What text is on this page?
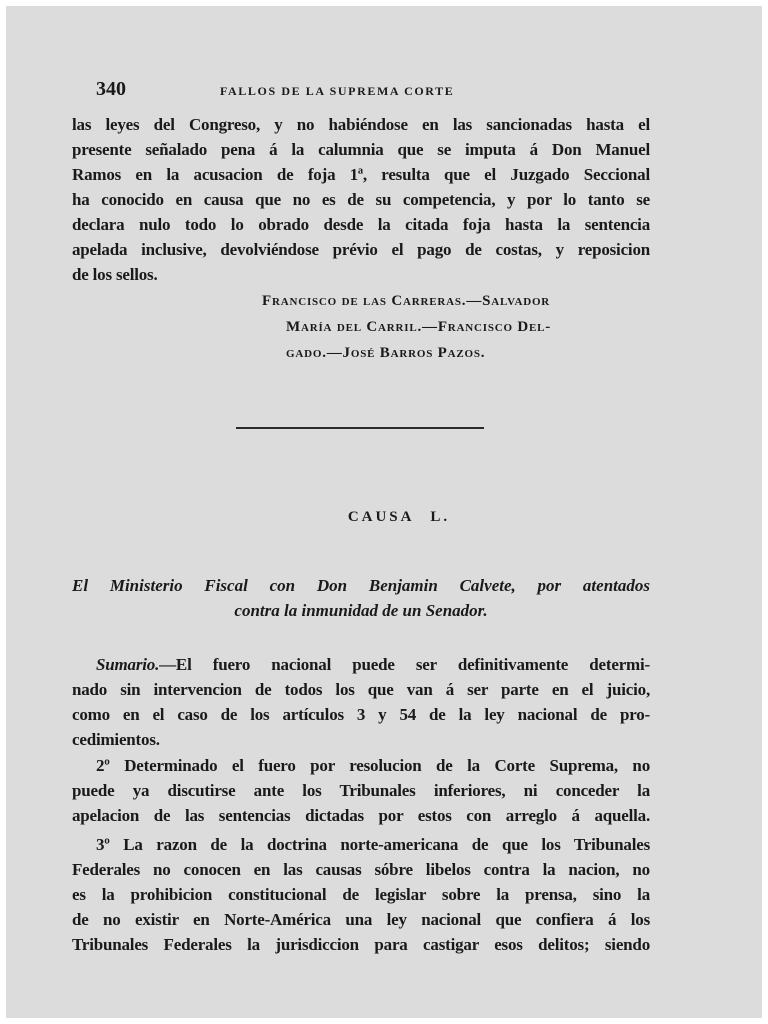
340	FALLOS DE LA SUPREMA CORTE

las leyes del Congreso, y no habiéndose en las sancionadas hasta el

presente señalado pena á la calumnia que se imputa á Don Manuel

Ramos en la acusacion de foja 1ª, resulta que el Juzgado Seccional

ha conocido en causa que no es de su competencia, y por lo tanto se

declara nulo todo lo obrado desde la citada foja hasta la sentencia

apelada inclusive, devolviéndose prévio el pago de costas, y reposicion

de los sellos.

Francisco de las Carreras.—Salvador
María del Carril.—Francisco Del-
gado.—José Barros Pazos.
CAUSA L.
El Ministerio Fiscal con Don Benjamin Calvete, por atentados
contra la inmunidad de un Senador.

Sumario.—El fuero nacional puede ser definitivamente determi-

nado sin intervencion de todos los que van á ser parte en el juicio,

como en el caso de los artículos 3 y 54 de la ley nacional de pro-

cedimientos.

2º Determinado el fuero por resolucion de la Corte Suprema, no

puede ya discutirse ante los Tribunales inferiores, ni conceder la

apelacion de las sentencias dictadas por estos con arreglo á aquella.

3º La razon de la doctrina norte-americana de que los Tribunales

Federales no conocen en las causas sóbre libelos contra la nacion, no

es la prohibicion constitucional de legislar sobre la prensa, sino la

de no existir en Norte-América una ley nacional que confiera á los

Tribunales Federales la jurisdiccion para castigar esos delitos; siendo
